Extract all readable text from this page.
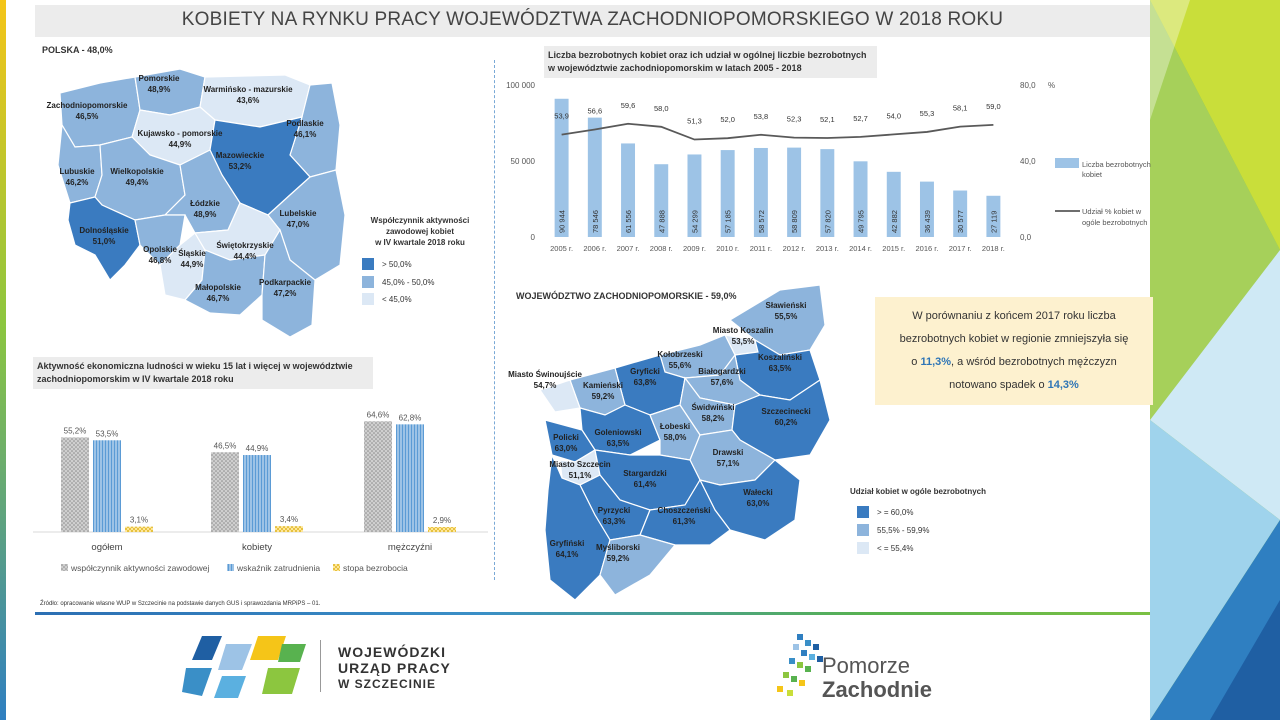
KOBIETY NA RYNKU PRACY WOJEWÓDZTWA ZACHODNIOPOMORSKIEGO W 2018 ROKU
POLSKA - 48,0%
Pomorskie
48,9%	Warmińsko - mazurskie
43,6%
Zachodniopomorskie
46,5%
Kujawsko - pomorskie
44,9%
Podlaskie
46,1%
Mazowieckie
53,2%
Lubuskie
46,2%
Wielkopolskie
49,4%
Łódzkie
48,9%	Lubelskie
47,0%
Dolnośląskie
51,0%
Opolskie
46,8%
Śląskie
44,9%
Świętokrzyskie
44,4%
Małopolskie
46,7%
Podkarpackie
47,2%
Współczynnik aktywności
zawodowej kobiet
w IV kwartale 2018 roku
> 50,0%
45,0% - 50,0%
< 45,0%
Liczba bezrobotnych kobiet oraz ich udział w ogólnej liczbie bezrobotnych w województwie zachodniopomorskim w latach 2005 - 2018
0
50 000
100 000
0,0
40,0
80,0 %
90 944
2005 r.
78 546
2006 r.
61 556
2007 r.
47 888
2008 r.
54 299
2009 r.
57 185
2010 r.
58 572
2011 r.
58 809
2012 r.
57 820
2013 r.
49 795
2014 r.
42 882
2015 r.
36 439
2016 r.
30 577
2017 r.
27 119
2018 r.
53,9
56,6
59,6 58,0
51,3 52,0 53,8 52,3 52,1 52,7 54,0 55,3
58,1 59,0
Liczba bezrobotnych
kobiet
Udział % kobiet w
ogóle bezrobotnych
Aktywność ekonomiczna ludności w wieku 15 lat i więcej w województwie zachodniopomorskim w IV kwartale 2018 roku
55,2% 53,5%
3,1%
ogółem
46,5% 44,9%
3,4%
kobiety
64,6% 62,8%
2,9%
mężczyźni
współczynnik aktywności zawodowej	wskaźnik zatrudnienia	stopa bezrobocia
WOJEWÓDZTWO ZACHODNIOPOMORSKIE - 59,0%
Sławieński
55,5%
Miasto Koszalin
53,5%
Koszaliński
63,5%
Kołobrzeski
55,6%
Białogardzki
57,6%
Miasto Świnoujście
54,7%	Kamieński
59,2%
Gryficki
63,8%
Świdwiński
58,2%
Szczecinecki
60,2%
Goleniowski
63,5%
Łobeski
58,0%
Policki
63,0%	Drawski
57,1%
Miasto Szczecin
51,1%	Stargardzki
61,4%
Wałecki
63,0%
Pyrzycki
63,3%
Choszczeński
61,3%
Gryfiński
64,1%
Myśliborski
59,2%
Udział kobiet w ogóle bezrobotnych
> = 60,0%
55,5% - 59,9%
< = 55,4%
W porównaniu z końcem 2017 roku liczba
bezrobotnych kobiet w regionie zmniejszyła się
o 11,3%, a wśród bezrobotnych mężczyzn
notowano spadek o 14,3%
Źródło: opracowanie własne WUP w Szczecinie na podstawie danych GUS i sprawozdania MRPiPS – 01.
WOJEWÓDZKI
URZĄD PRACY
W SZCZECINIE
Pomorze
Zachodnie
